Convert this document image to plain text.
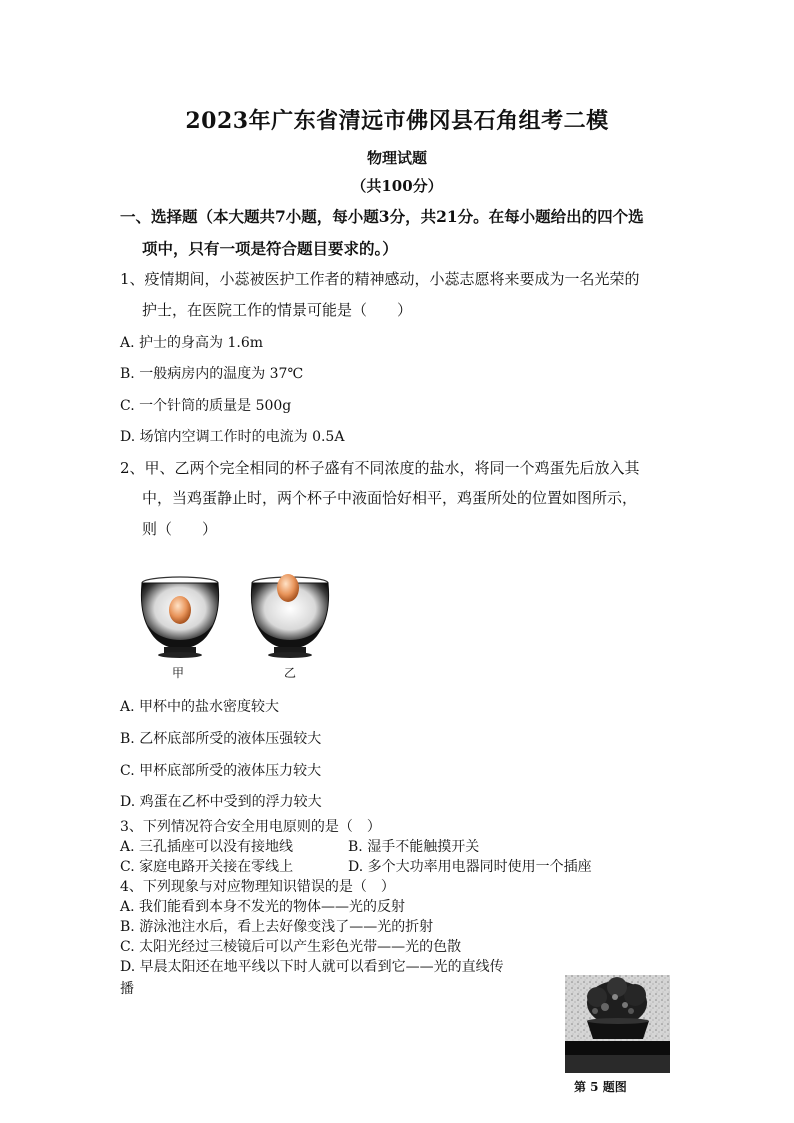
2023年广东省清远市佛冈县石角组考二模
物理试题
（共100分）
一、选择题（本大题共7小题，每小题3分，共21分。在每小题给出的四个选
项中，只有一项是符合题目要求的。）
1、疫情期间，小蕊被医护工作者的精神感动，小蕊志愿将来要成为一名光荣的
护士，在医院工作的情景可能是（　　）
A. 护士的身高为 1.6m
B. 一般病房内的温度为 37℃
C. 一个针筒的质量是 500g
D. 场馆内空调工作时的电流为 0.5A
2、甲、乙两个完全相同的杯子盛有不同浓度的盐水，将同一个鸡蛋先后放入其
中，当鸡蛋静止时，两个杯子中液面恰好相平，鸡蛋所处的位置如图所示，
则（　　）
甲	乙
A. 甲杯中的盐水密度较大
B. 乙杯底部所受的液体压强较大
C. 甲杯底部所受的液体压力较大
D. 鸡蛋在乙杯中受到的浮力较大
3、下列情况符合安全用电原则的是（　）
A. 三孔插座可以没有接地线	B. 湿手不能触摸开关
C. 家庭电路开关接在零线上	D. 多个大功率用电器同时使用一个插座
4、下列现象与对应物理知识错误的是（　）
A. 我们能看到本身不发光的物体——光的反射
B. 游泳池注水后，看上去好像变浅了——光的折射
C. 太阳光经过三棱镜后可以产生彩色光带——光的色散
D. 早晨太阳还在地平线以下时人就可以看到它——光的直线传
播
第 5 题图
